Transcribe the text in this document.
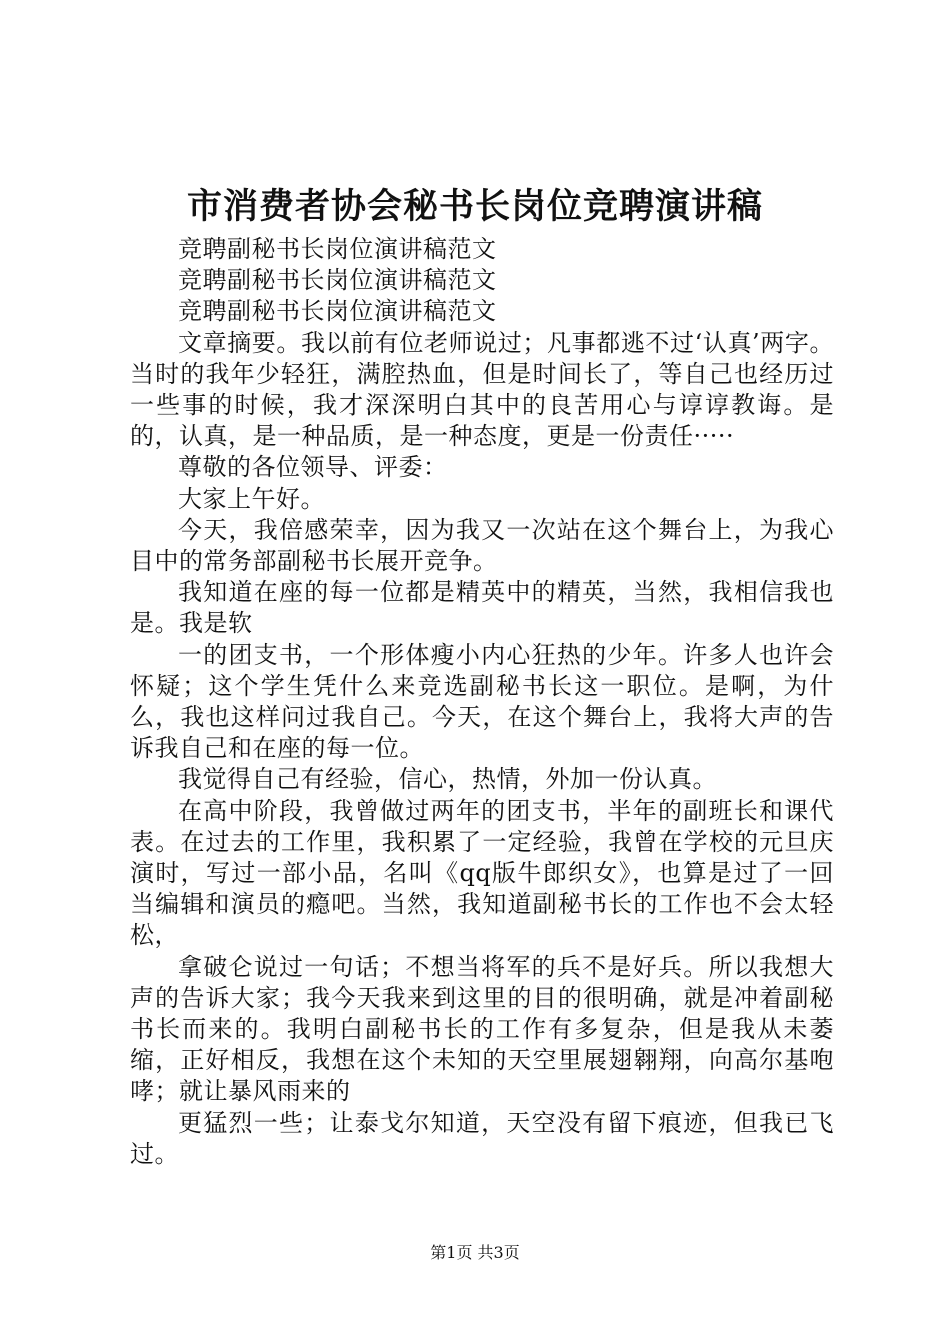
市消费者协会秘书长岗位竞聘演讲稿

竞聘副秘书长岗位演讲稿范文

竞聘副秘书长岗位演讲稿范文

竞聘副秘书长岗位演讲稿范文

文章摘要。我以前有位老师说过；凡事都逃不过‘认真’两字。当时的我年少轻狂，满腔热血，但是时间长了，等自己也经历过一些事的时候，我才深深明白其中的良苦用心与谆谆教诲。是的，认真，是一种品质，是一种态度，更是一份责任·····

尊敬的各位领导、评委：

大家上午好。

今天，我倍感荣幸，因为我又一次站在这个舞台上，为我心目中的常务部副秘书长展开竞争。

我知道在座的每一位都是精英中的精英，当然，我相信我也是。我是软

一的团支书，一个形体瘦小内心狂热的少年。许多人也许会怀疑；这个学生凭什么来竞选副秘书长这一职位。是啊，为什么，我也这样问过我自己。今天，在这个舞台上，我将大声的告诉我自己和在座的每一位。

我觉得自己有经验，信心，热情，外加一份认真。

在高中阶段，我曾做过两年的团支书，半年的副班长和课代表。在过去的工作里，我积累了一定经验，我曾在学校的元旦庆演时，写过一部小品，名叫《qq版牛郎织女》，也算是过了一回当编辑和演员的瘾吧。当然，我知道副秘书长的工作也不会太轻松，

拿破仑说过一句话；不想当将军的兵不是好兵。所以我想大声的告诉大家；我今天我来到这里的目的很明确，就是冲着副秘书长而来的。我明白副秘书长的工作有多复杂，但是我从未萎缩，正好相反，我想在这个未知的天空里展翅翱翔，向高尔基咆哮；就让暴风雨来的

更猛烈一些；让泰戈尔知道，天空没有留下痕迹，但我已飞过。

第1页 共3页
